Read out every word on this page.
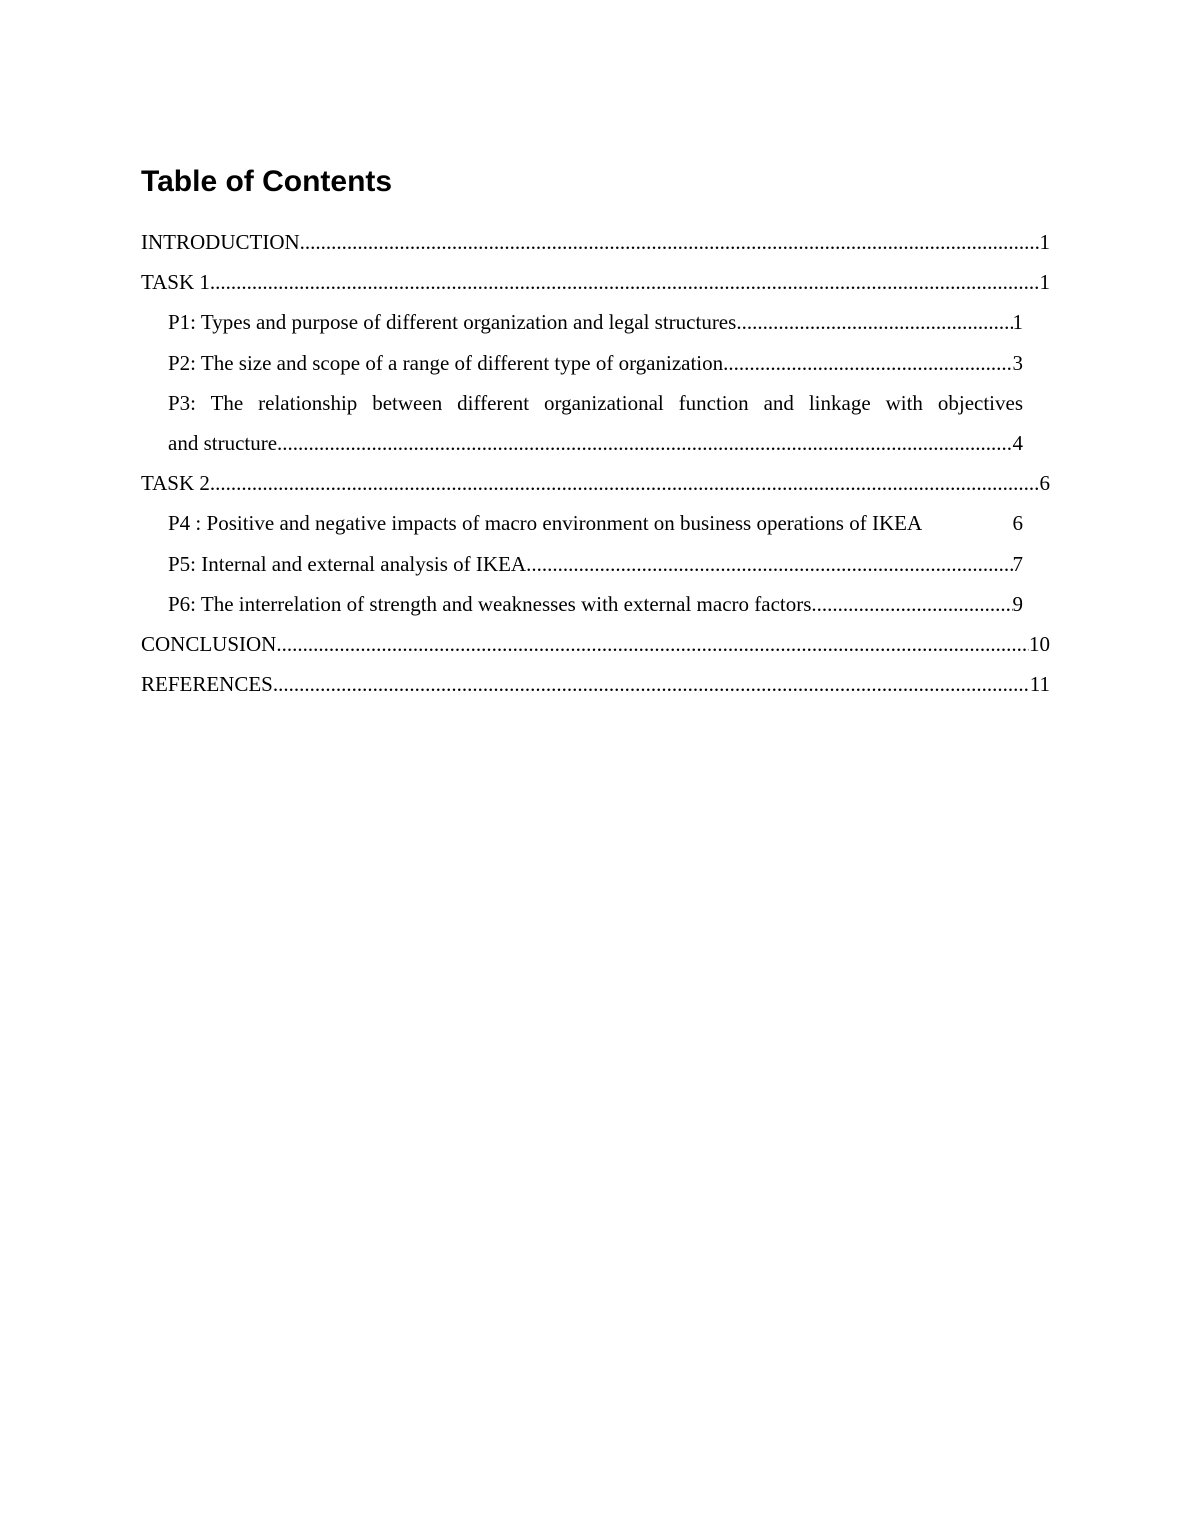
Table of Contents
INTRODUCTION .....	1
TASK 1 .....	1
P1: Types and purpose of different organization and legal structures .....	1
P2: The size and scope of a range of different type of organization .....	3
P3: The relationship between different organizational function and linkage with objectives
and structure .....	4
TASK 2 .....	6
P4 : Positive and negative impacts of macro environment on business operations of IKEA	6
P5: Internal and external analysis of IKEA .....	7
P6: The interrelation of strength and weaknesses with external macro factors .....	9
CONCLUSION .....	10
REFERENCES .....	11
